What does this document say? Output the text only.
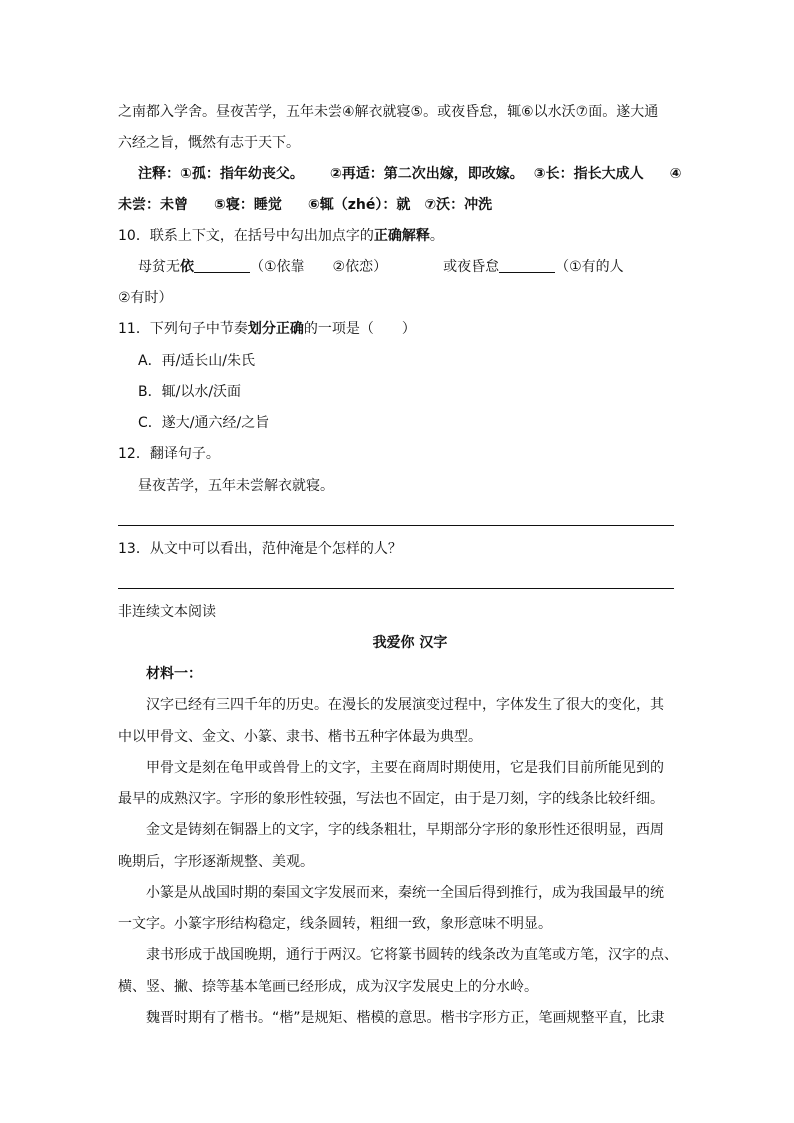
之南都入学舍。昼夜苦学，五年未尝④解衣就寝⑤。或夜昏怠，辄⑥以水沃⑦面。遂大通
六经之旨，慨然有志于天下。
注释：①孤：指年幼丧父。 ②再适：第二次出嫁，即改嫁。 ③长：指长大成人 ④
未尝：未曾 ⑤寝：睡觉 ⑥辄（zhé）：就 ⑦沃：冲洗
10．联系上下文，在括号中勾出加点字的正确解释。
母贫无依	（①依靠　　②依恋）	或夜昏怠	（①有的人
②有时）
11．下列句子中节奏划分正确的一项是（　　）
A．再/适长山/朱氏
B．辄/以水/沃面
C．遂大/通六经/之旨
12．翻译句子。
昼夜苦学，五年未尝解衣就寝。
13．从文中可以看出，范仲淹是个怎样的人？
非连续文本阅读
我爱你 汉字
材料一：
汉字已经有三四千年的历史。在漫长的发展演变过程中，字体发生了很大的变化，其
中以甲骨文、金文、小篆、隶书、楷书五种字体最为典型。
甲骨文是刻在龟甲或兽骨上的文字，主要在商周时期使用，它是我们目前所能见到的
最早的成熟汉字。字形的象形性较强，写法也不固定，由于是刀刻，字的线条比较纤细。
金文是铸刻在铜器上的文字，字的线条粗壮，早期部分字形的象形性还很明显，西周
晚期后，字形逐渐规整、美观。
小篆是从战国时期的秦国文字发展而来，秦统一全国后得到推行，成为我国最早的统
一文字。小篆字形结构稳定，线条圆转，粗细一致，象形意味不明显。
隶书形成于战国晚期，通行于两汉。它将篆书圆转的线条改为直笔或方笔，汉字的点、
横、竖、撇、捺等基本笔画已经形成，成为汉字发展史上的分水岭。
魏晋时期有了楷书。“楷”是规矩、楷模的意思。楷书字形方正，笔画规整平直，比隶
